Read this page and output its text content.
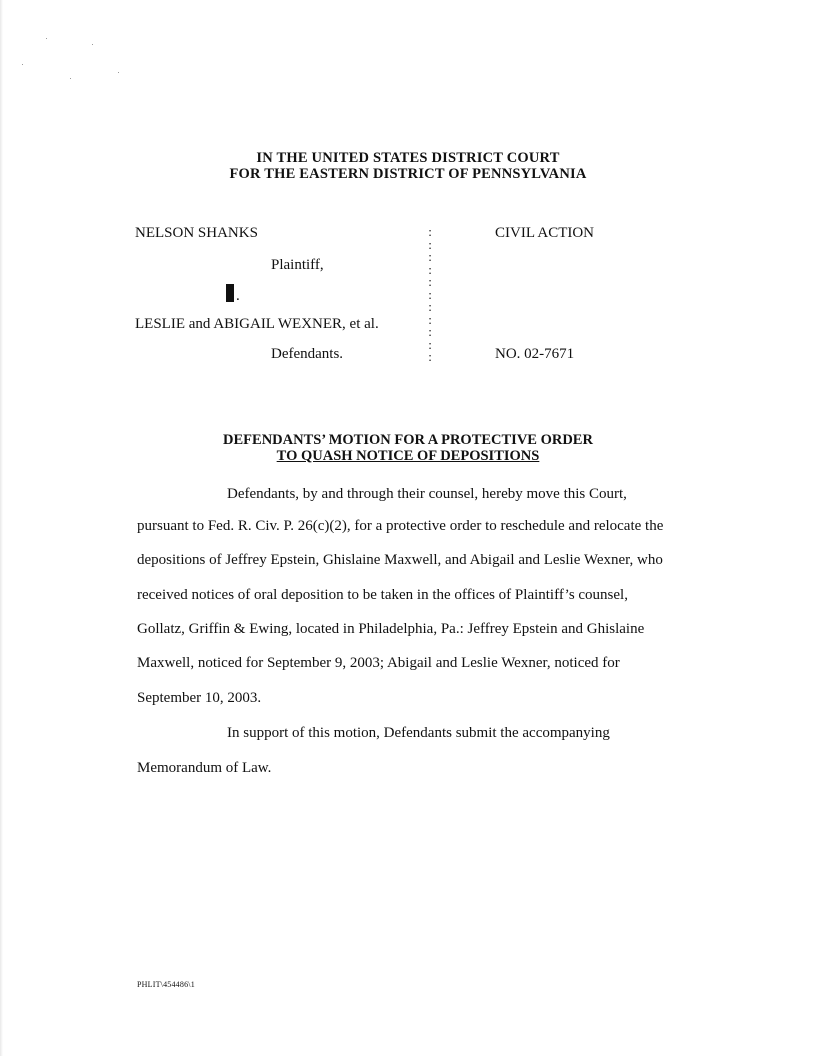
IN THE UNITED STATES DISTRICT COURT
FOR THE EASTERN DISTRICT OF PENNSYLVANIA
NELSON SHANKS
Plaintiff,
.
LESLIE and ABIGAIL WEXNER, et al.
Defendants.
:
:
:
:
:
:
:
:
:
:
:
CIVIL ACTION
NO. 02-7671
DEFENDANTS’ MOTION FOR A PROTECTIVE ORDER
TO QUASH NOTICE OF DEPOSITIONS
Defendants, by and through their counsel, hereby move this Court,
pursuant to Fed. R. Civ. P. 26(c)(2), for a protective order to reschedule and relocate the
depositions of Jeffrey Epstein, Ghislaine Maxwell, and Abigail and Leslie Wexner, who
received notices of oral deposition to be taken in the offices of Plaintiff’s counsel,
Gollatz, Griffin & Ewing, located in Philadelphia, Pa.: Jeffrey Epstein and Ghislaine
Maxwell, noticed for September 9, 2003; Abigail and Leslie Wexner, noticed for
September 10, 2003.
In support of this motion, Defendants submit the accompanying
Memorandum of Law.
PHLIT\454486\1
